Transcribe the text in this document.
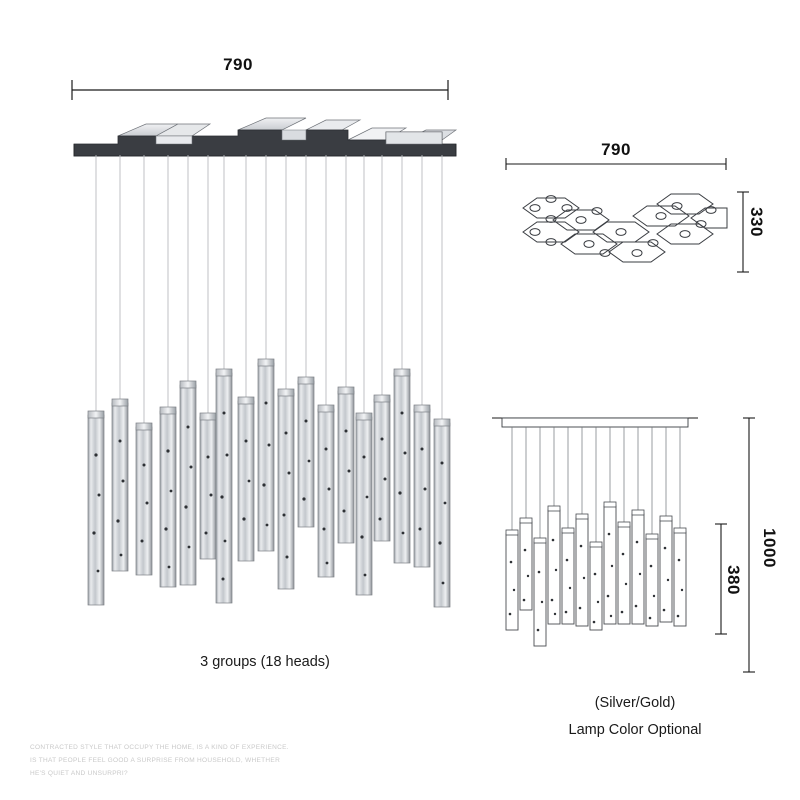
790
3 groups (18 heads)
790
330
1000
380
(Silver/Gold)
Lamp Color Optional
CONTRACTED STYLE THAT OCCUPY THE HOME, IS A KIND OF EXPERIENCE.
IS THAT PEOPLE FEEL GOOD A SURPRISE FROM HOUSEHOLD, WHETHER
HE'S QUIET AND UNSURPRI?
